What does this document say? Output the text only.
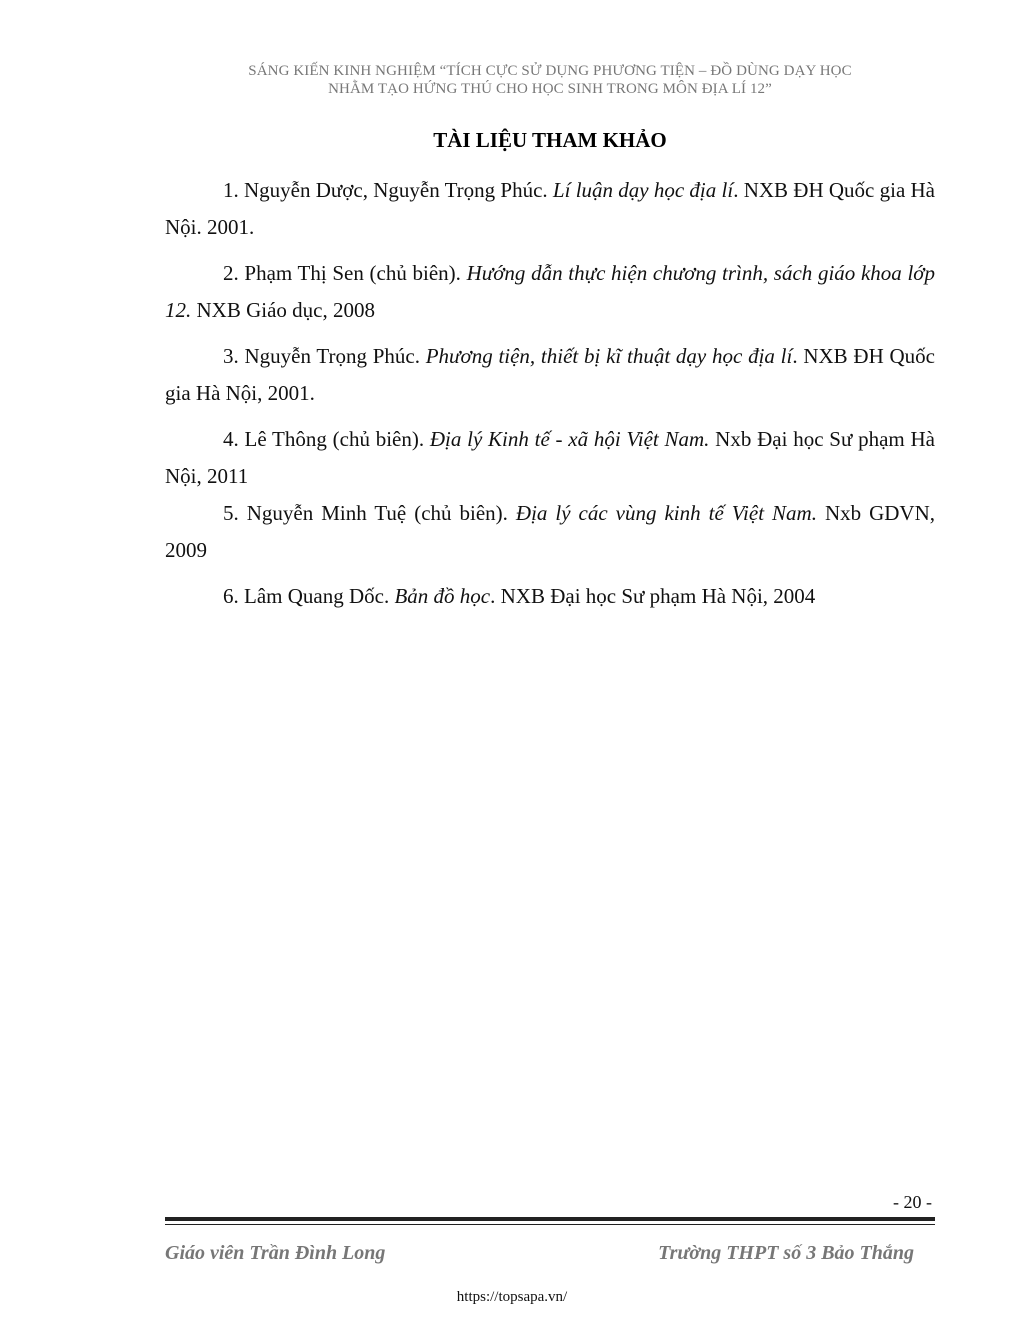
SÁNG KIẾN KINH NGHIỆM “TÍCH CỰC SỬ DỤNG PHƯƠNG TIỆN – ĐỒ DÙNG DẠY HỌC
NHẰM TẠO HỨNG THÚ CHO HỌC SINH TRONG MÔN ĐỊA LÍ 12”
TÀI LIỆU THAM KHẢO

1. Nguyễn Dược, Nguyễn Trọng Phúc. Lí luận dạy học địa lí. NXB ĐH Quốc gia Hà Nội. 2001.

2. Phạm Thị Sen (chủ biên). Hướng dẫn thực hiện chương trình, sách giáo khoa lớp 12. NXB Giáo dục, 2008

3. Nguyễn Trọng Phúc. Phương tiện, thiết bị kĩ thuật dạy học địa lí. NXB ĐH Quốc gia Hà Nội, 2001.

4. Lê Thông (chủ biên). Địa lý Kinh tế - xã hội Việt Nam. Nxb Đại học Sư phạm Hà Nội, 2011

5. Nguyễn Minh Tuệ (chủ biên). Địa lý các vùng kinh tế Việt Nam. Nxb GDVN, 2009

6. Lâm Quang Dốc. Bản đồ học. NXB Đại học Sư phạm Hà Nội, 2004

- 20 -
Giáo viên Trần Đình Long	Trường THPT số 3 Bảo Thắng
https://topsapa.vn/
